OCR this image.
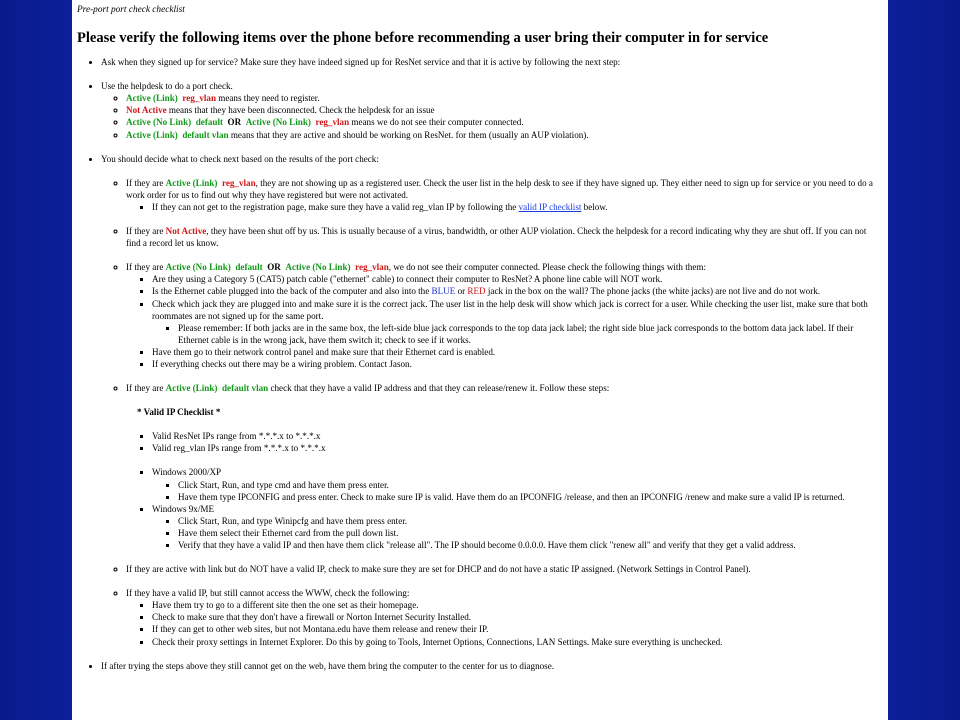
Pre-port port check checklist

Please verify the following items over the phone before recommending a user bring their computer in for service
• Ask when they signed up for service? Make sure they have indeed signed up for ResNet service and that it is active by following the next step:
• Use the helpdesk to do a port check.
◦ Active (Link) reg_vlan means they need to register.
◦ Not Active means that they have been disconnected. Check the helpdesk for an issue
◦ Active (No Link) default OR Active (No Link) reg_vlan means we do not see their computer connected.
◦ Active (Link) default vlan means that they are active and should be working on ResNet. for them (usually an AUP violation).
• You should decide what to check next based on the results of the port check:
◦ If they are Active (Link) reg_vlan, they are not showing up as a registered user. Check the user list in the help desk to see if they have signed up. They either need to sign up for service or you need to do a work order for us to find out why they have registered but were not activated.
▪ If they can not get to the registration page, make sure they have a valid reg_vlan IP by following the valid IP checklist below.
◦ If they are Not Active, they have been shut off by us. This is usually because of a virus, bandwidth, or other AUP violation. Check the helpdesk for a record indicating why they are shut off. If you can not find a record let us know.
◦ If they are Active (No Link) default OR Active (No Link) reg_vlan, we do not see their computer connected. Please check the following things with them:
▪ Are they using a Category 5 (CAT5) patch cable ("ethernet" cable) to connect their computer to ResNet? A phone line cable will NOT work.
▪ Is the Ethernet cable plugged into the back of the computer and also into the BLUE or RED jack in the box on the wall? The phone jacks (the white jacks) are not live and do not work.
▪ Check which jack they are plugged into and make sure it is the correct jack. The user list in the help desk will show which jack is correct for a user. While checking the user list, make sure that both roommates are not signed up for the same port.
▪ Please remember: If both jacks are in the same box, the left-side blue jack corresponds to the top data jack label; the right side blue jack corresponds to the bottom data jack label. If their Ethernet cable is in the wrong jack, have them switch it; check to see if it works.
▪ Have them go to their network control panel and make sure that their Ethernet card is enabled.
▪ If everything checks out there may be a wiring problem. Contact Jason.
◦ If they are Active (Link) default vlan check that they have a valid IP address and that they can release/renew it. Follow these steps:
* Valid IP Checklist *
▪ Valid ResNet IPs range from *.*.*.x to *.*.*.x
▪ Valid reg_vlan IPs range from *.*.*.x to *.*.*.x
▪ Windows 2000/XP
▪ Click Start, Run, and type cmd and have them press enter.
▪ Have them type IPCONFIG and press enter. Check to make sure IP is valid. Have them do an IPCONFIG /release, and then an IPCONFIG /renew and make sure a valid IP is returned.
▪ Windows 9x/ME
▪ Click Start, Run, and type Winipcfg and have them press enter.
▪ Have them select their Ethernet card from the pull down list.
▪ Verify that they have a valid IP and then have them click "release all". The IP should become 0.0.0.0. Have them click "renew all" and verify that they get a valid address.
◦ If they are active with link but do NOT have a valid IP, check to make sure they are set for DHCP and do not have a static IP assigned. (Network Settings in Control Panel).
◦ If they have a valid IP, but still cannot access the WWW, check the following:
▪ Have them try to go to a different site then the one set as their homepage.
▪ Check to make sure that they don't have a firewall or Norton Internet Security Installed.
▪ If they can get to other web sites, but not Montana.edu have them release and renew their IP.
▪ Check their proxy settings in Internet Explorer. Do this by going to Tools, Internet Options, Connections, LAN Settings. Make sure everything is unchecked.
• If after trying the steps above they still cannot get on the web, have them bring the computer to the center for us to diagnose.
